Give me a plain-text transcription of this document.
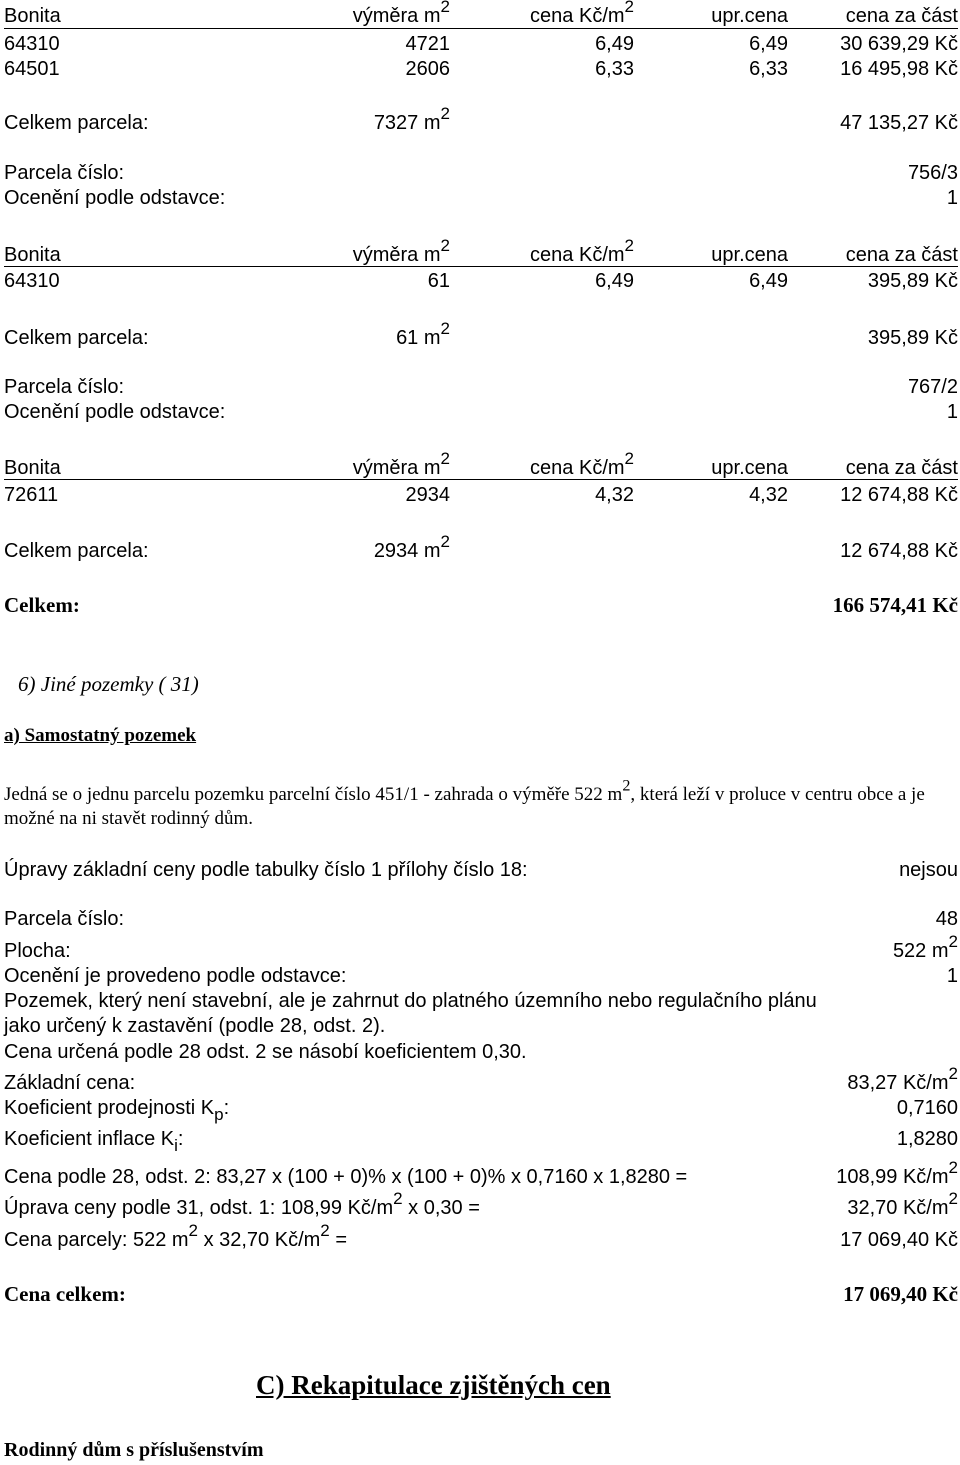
Bonita	výměra $m^2$	cena $Kč/m^2$	upr.cena	cena za část
64310	4721	6,49	6,49	30 639,29 Kč
64501	2606	6,33	6,33	16 495,98 Kč
Celkem parcela:	7327 $m^2$	47 135,27 Kč
Parcela číslo:	756/3
Ocenění podle odstavce:	1
Bonita	výměra $m^2$	cena $Kč/m^2$	upr.cena	cena za část
64310	61	6,49	6,49	395,89 Kč
Celkem parcela:	61 $m^2$	395,89 Kč
Parcela číslo:	767/2
Ocenění podle odstavce:	1
Bonita	výměra $m^2$	cena $Kč/m^2$	upr.cena	cena za část
72611	2934	4,32	4,32	12 674,88 Kč
Celkem parcela:	2934 $m^2$	12 674,88 Kč
Celkem:	166 574,41 Kč
6) Jiné pozemky ( 31)
a) Samostatný pozemek
Jedná se o jednu parcelu pozemku parcelní číslo 451/1 - zahrada o výměře 522 $m^2$, která leží v proluce v centru obce a je možné na ni stavět rodinný dům.
Úpravy základní ceny podle tabulky číslo 1 přílohy číslo 18:	nejsou
Parcela číslo:	48
Plocha:	522 $m^2$
Ocenění je provedeno podle odstavce:	1
Pozemek, který není stavební, ale je zahrnut do platného územního nebo regulačního plánu
jako určený k zastavění (podle 28, odst. 2).
Cena určená podle 28 odst. 2 se násobí koeficientem 0,30.
Základní cena:	83,27 $Kč/m^2$
Koeficient prodejnosti $K_p$:	0,7160
Koeficient inflace $K_i$:	1,8280
Cena podle 28, odst. 2: 83,27 x (100 + 0)% x (100 + 0)% x 0,7160 x 1,8280 =	108,99 $Kč/m^2$
Úprava ceny podle 31, odst. 1: 108,99 $Kč/m^2$ x 0,30 =	32,70 $Kč/m^2$
Cena parcely: 522 $m^2$ x 32,70 $Kč/m^2$ =	17 069,40 Kč
Cena celkem:	17 069,40 Kč
C) Rekapitulace zjištěných cen
Rodinný dům s příslušenstvím
